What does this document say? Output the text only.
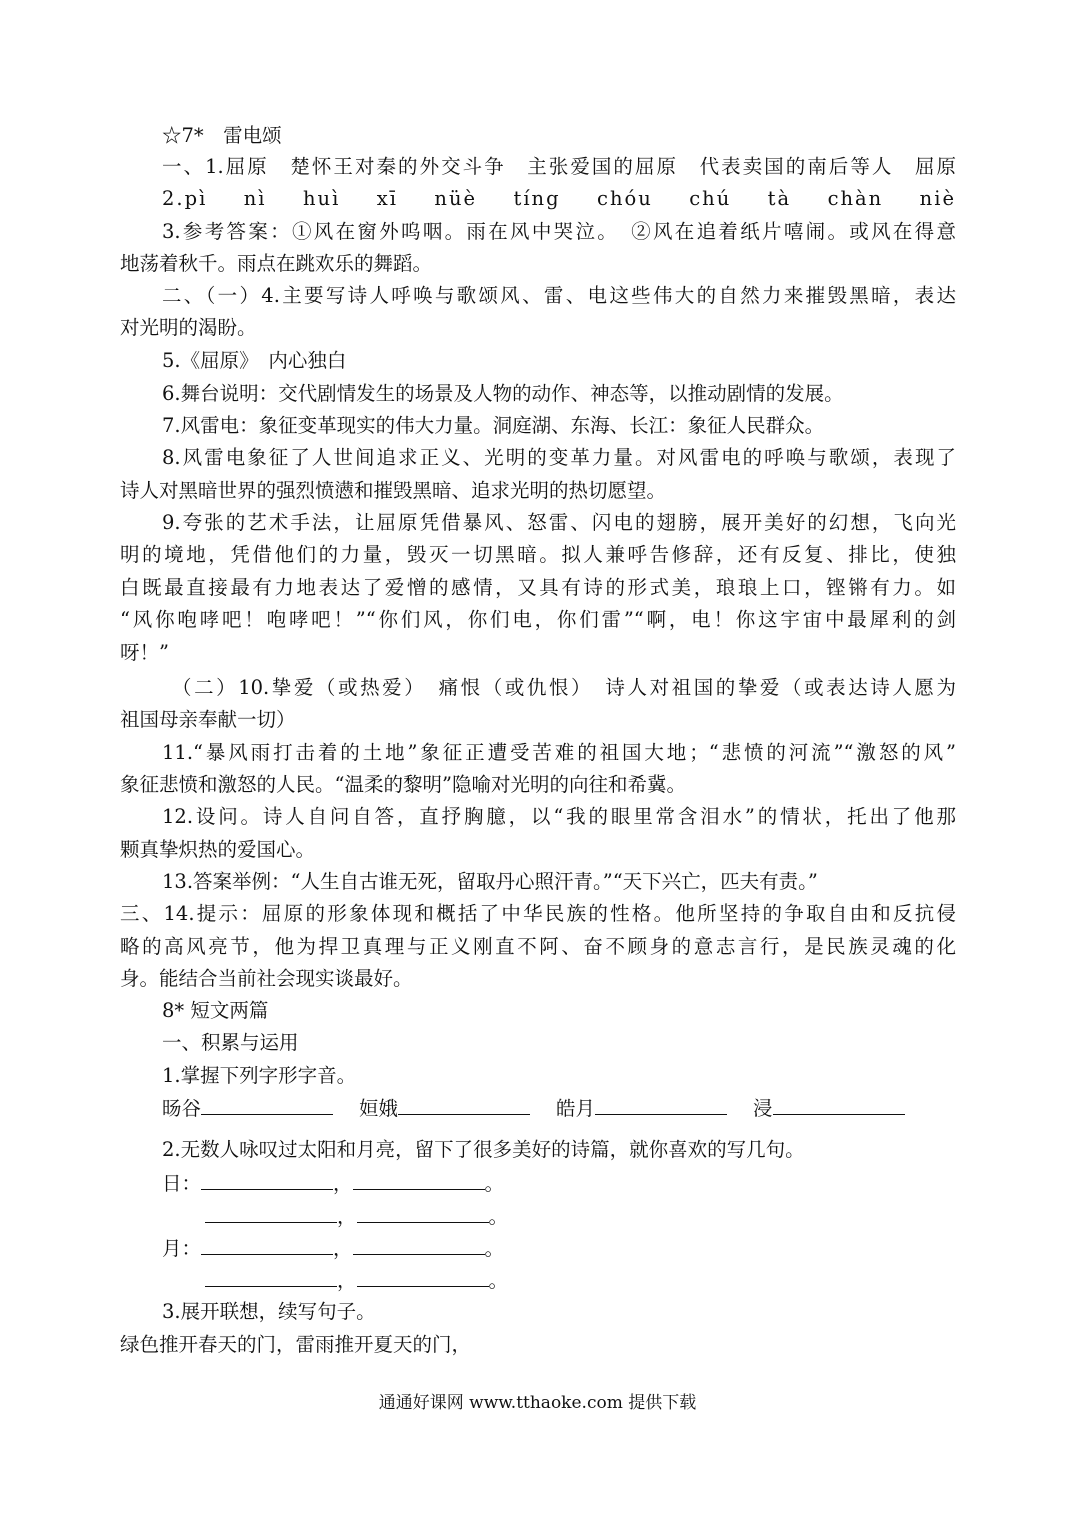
☆7*　雷电颂
一、1.屈原　楚怀王对秦的外交斗争　主张爱国的屈原　代表卖国的南后等人　屈原
2.pì nì huì xī nüè tíng chóu chú tà chàn niè
3.参考答案：①风在窗外呜咽。雨在风中哭泣。　②风在追着纸片嘻闹。或风在得意
地荡着秋千。雨点在跳欢乐的舞蹈。
二、（一）4.主要写诗人呼唤与歌颂风、雷、电这些伟大的自然力来摧毁黑暗，表达
对光明的渴盼。
5.《屈原》　内心独白
6.舞台说明：交代剧情发生的场景及人物的动作、神态等，以推动剧情的发展。
7.风雷电：象征变革现实的伟大力量。洞庭湖、东海、长江：象征人民群众。
8.风雷电象征了人世间追求正义、光明的变革力量。对风雷电的呼唤与歌颂，表现了
诗人对黑暗世界的强烈愤懑和摧毁黑暗、追求光明的热切愿望。
9.夸张的艺术手法，让屈原凭借暴风、怒雷、闪电的翅膀，展开美好的幻想，飞向光
明的境地，凭借他们的力量，毁灭一切黑暗。拟人兼呼告修辞，还有反复、排比，使独
白既最直接最有力地表达了爱憎的感情，又具有诗的形式美，琅琅上口，铿锵有力。如
“风你咆哮吧！咆哮吧！”“你们风，你们电，你们雷”“啊，电！你这宇宙中最犀利的剑
呀！”
（二）10.挚爱（或热爱）　痛恨（或仇恨）　诗人对祖国的挚爱（或表达诗人愿为
祖国母亲奉献一切）
11.“暴风雨打击着的土地”象征正遭受苦难的祖国大地；“悲愤的河流”“激怒的风”
象征悲愤和激怒的人民。“温柔的黎明”隐喻对光明的向往和希冀。
12.设问。诗人自问自答，直抒胸臆，以“我的眼里常含泪水”的情状，托出了他那
颗真挚炽热的爱国心。
13.答案举例：“人生自古谁无死，留取丹心照汗青。”“天下兴亡，匹夫有责。”
三、14.提示：屈原的形象体现和概括了中华民族的性格。他所坚持的争取自由和反抗侵
略的高风亮节，他为捍卫真理与正义刚直不阿、奋不顾身的意志言行，是民族灵魂的化
身。能结合当前社会现实谈最好。
8* 短文两篇
一、积累与运用
1.掌握下列字形字音。
旸谷	姮娥	皓月	浸
2.无数人咏叹过太阳和月亮，留下了很多美好的诗篇，就你喜欢的写几句。
日：	，	。
，	。
月：	，	。
，	。
3.展开联想，续写句子。
绿色推开春天的门，雷雨推开夏天的门，
通通好课网 www.tthaoke.com 提供下载
